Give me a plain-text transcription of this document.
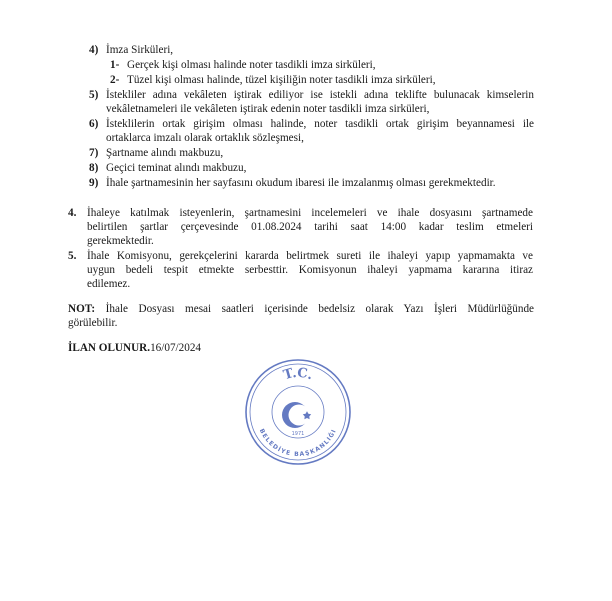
4) İmza Sirküleri,
1- Gerçek kişi olması halinde noter tasdikli imza sirküleri,
2- Tüzel kişi olması halinde, tüzel kişiliğin noter tasdikli imza sirküleri,
5) İstekliler adına vekâleten iştirak ediliyor ise istekli adına teklifte bulunacak kimselerin
vekâletnameleri ile vekâleten iştirak edenin noter tasdikli imza sirküleri,
6) İsteklilerin ortak girişim olması halinde, noter tasdikli ortak girişim beyannamesi ile
ortaklarca imzalı olarak ortaklık sözleşmesi,
7) Şartname alındı makbuzu,
8) Geçici teminat alındı makbuzu,
9) İhale şartnamesinin her sayfasını okudum ibaresi ile imzalanmış olması gerekmektedir.
4. İhaleye katılmak isteyenlerin, şartnamesini incelemeleri ve ihale dosyasını şartnamede
belirtilen şartlar çerçevesinde 01.08.2024 tarihi saat 14:00 kadar teslim etmeleri
gerekmektedir.
5. İhale Komisyonu, gerekçelerini kararda belirtmek sureti ile ihaleyi yapıp yapmamakta ve
uygun bedeli tespit etmekte serbesttir. Komisyonun ihaleyi yapmama kararına itiraz
edilemez.
NOT: İhale Dosyası mesai saatleri içerisinde bedelsiz olarak Yazı İşleri Müdürlüğünde
görülebilir.
İLAN OLUNUR.16/07/2024
T.C.
BELEDİYE BAŞKANLIĞI
1971
